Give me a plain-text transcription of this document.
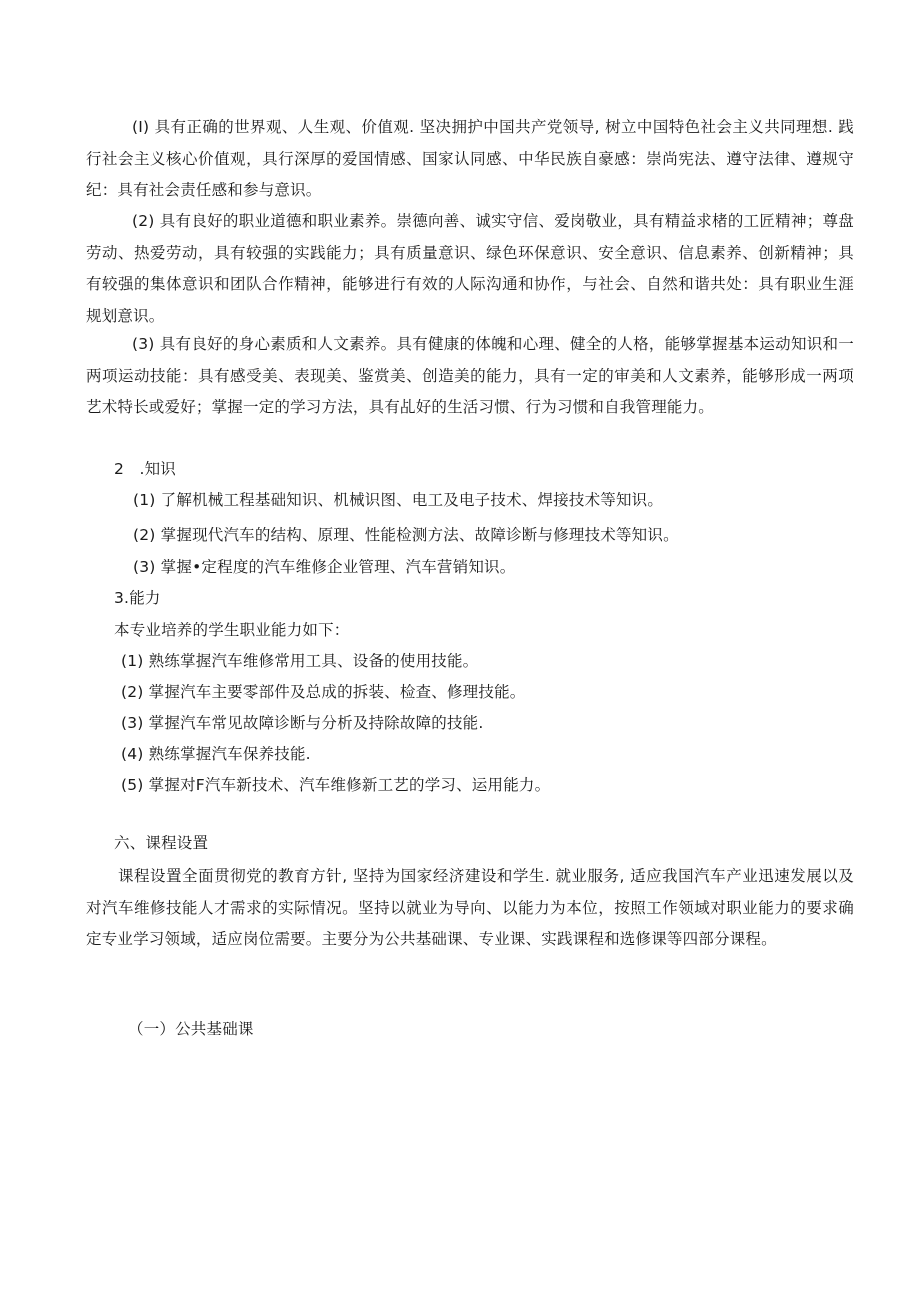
(I) 具有正确的世界观、人生观、价值观. 坚决拥护中国共产党领导, 树立中国特色社会主义共同理想. 践行社会主义核心价值观，具行深厚的爱国情感、国家认同感、中华民族自豪感：崇尚宪法、遵守法律、遵规守纪：具有社会责任感和参与意识。

(2) 具有良好的职业道德和职业素养。崇德向善、诚实守信、爱岗敬业，具有精益求楮的工匠精神；尊盘劳动、热爱劳动，具有较强的实践能力；具有质量意识、绿色环保意识、安全意识、信息素养、创新精神；具有较强的集体意识和团队合作精神，能够进行有效的人际沟通和协作，与社会、自然和谐共处：具有职业生涯规划意识。

(3) 具有良好的身心素质和人文素养。具有健康的体魄和心理、健全的人格，能够掌握基本运动知识和一两项运动技能：具有感受美、表现美、鉴赏美、创造美的能力，具有一定的审美和人文素养，能够形成一两项艺术特长或爱好；掌握一定的学习方法，具有乩好的生活习惯、行为习惯和自我管理能力。

2   .知识
(1) 了解机械工程基础知识、机械识图、电工及电子技术、焊接技术等知识。
(2) 掌握现代汽车的结构、原理、性能检测方法、故障诊断与修理技术等知识。
(3) 掌握•定程度的汽车维修企业管理、汽车营销知识。
3.能力
本专业培养的学生职业能力如下：
(1) 熟练掌握汽车维修常用工具、设备的使用技能。
(2) 掌握汽车主要零部件及总成的拆装、检查、修理技能。
(3) 掌握汽车常见故障诊断与分析及持除故障的技能.
(4) 熟练掌握汽车保养技能.
(5) 掌握对F汽车新技术、汽车维修新工艺的学习、运用能力。
六、课程设置

课程设置全面贯彻党的教育方针, 坚持为国家经济建设和学生. 就业服务, 适应我国汽车产业迅速发展以及对汽车维修技能人才需求的实际情况。坚持以就业为导向、以能力为本位，按照工作领域对职业能力的要求确定专业学习领域，适应岗位需要。主要分为公共基础课、专业课、实践课程和选修课等四部分课程。

（一）公共基础课
